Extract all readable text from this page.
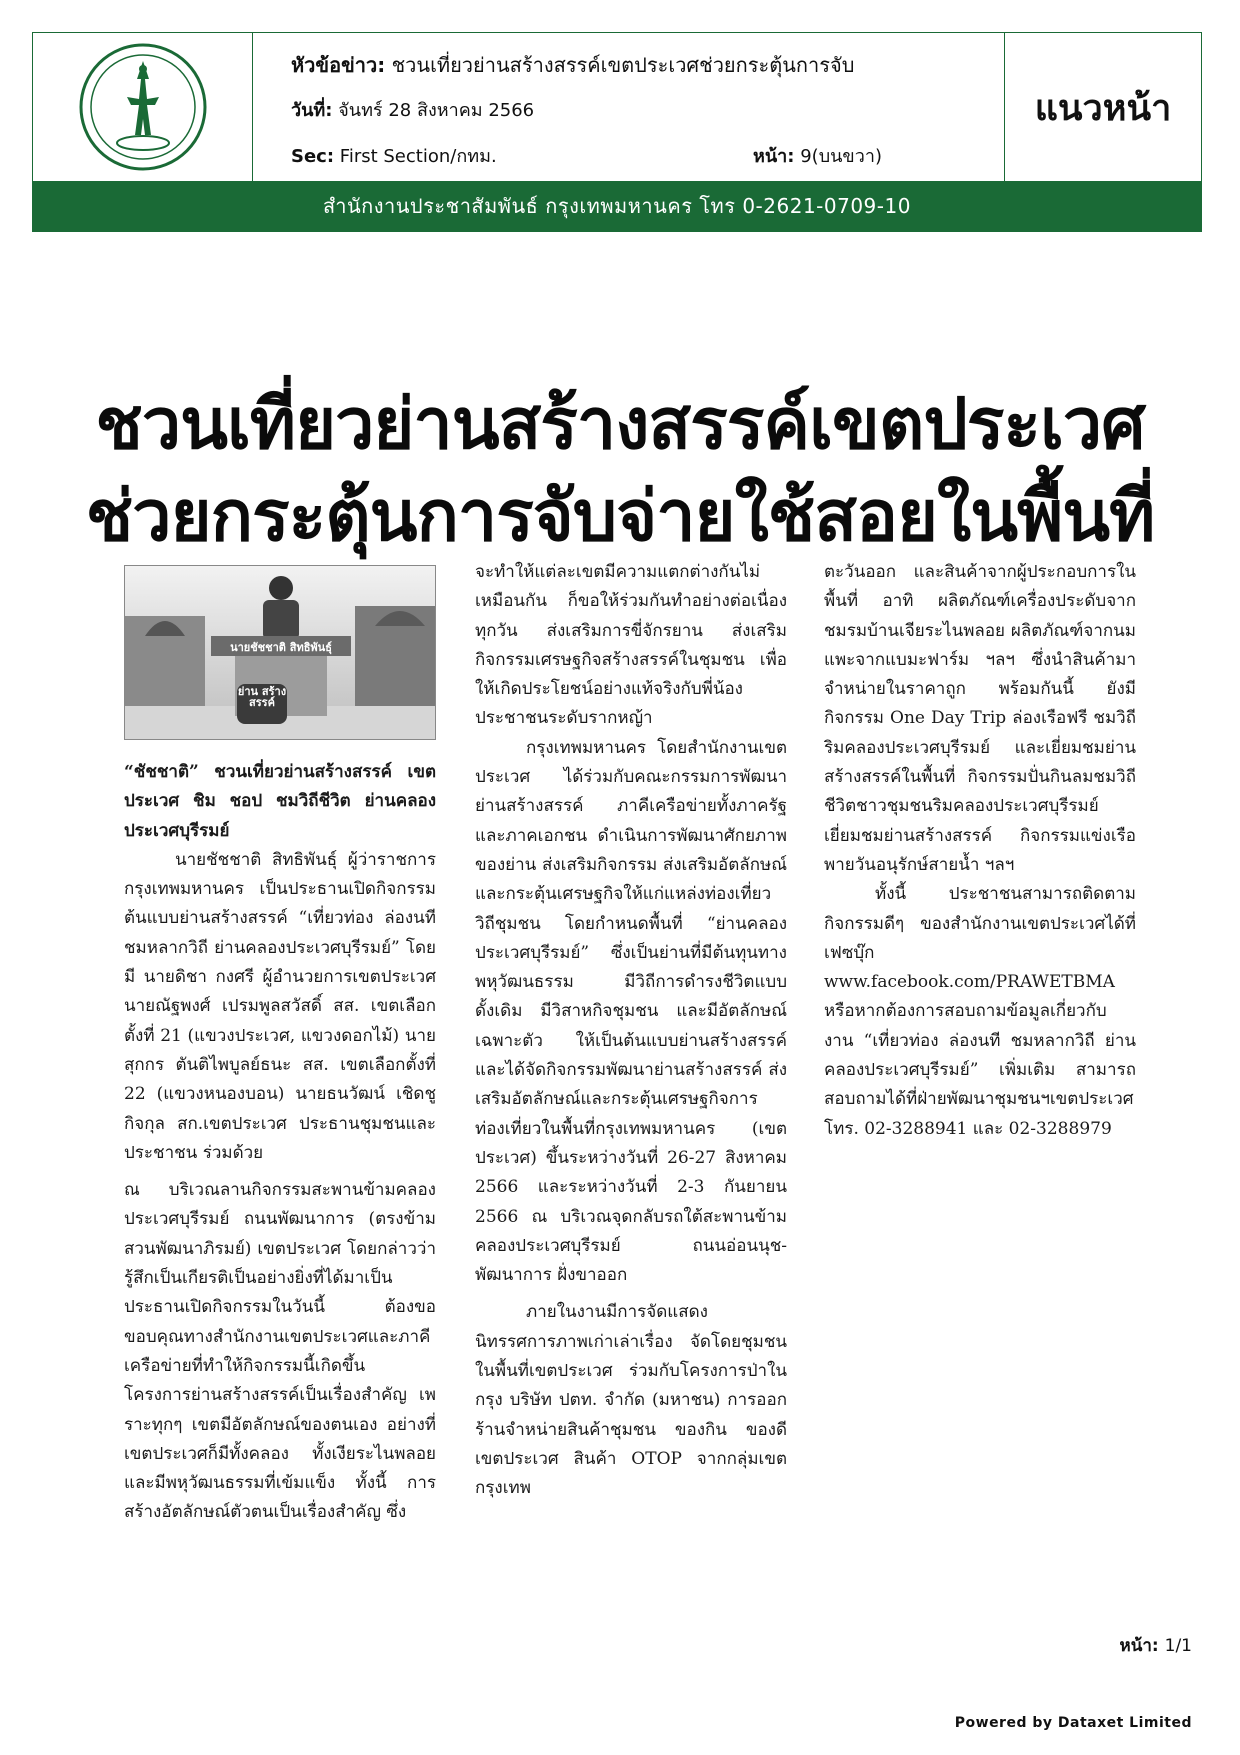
หัวข้อข่าว: ชวนเที่ยวย่านสร้างสรรค์เขตประเวศช่วยกระตุ้นการจับ
วันที่: จันทร์ 28 สิงหาคม 2566
Sec: First Section/กทม.	หน้า: 9(บนขวา)
แนวหน้า
สำนักงานประชาสัมพันธ์ กรุงเทพมหานคร โทร 0-2621-0709-10
ชวนเที่ยวย่านสร้างสรรค์เขตประเวศ
ช่วยกระตุ้นการจับจ่ายใช้สอยในพื้นที่
นายชัชชาติ สิทธิพันธุ์
ย่าน สร้าง สรรค์

“ชัชชาติ” ชวนเที่ยวย่านสร้างสรรค์ เขตประเวศ ชิม ชอป ชมวิถีชีวิต ย่านคลองประเวศบุรีรมย์

นายชัชชาติ สิทธิพันธุ์ ผู้ว่าราชการกรุงเทพมหานคร เป็นประธานเปิดกิจกรรมต้นแบบย่านสร้างสรรค์ “เที่ยวท่อง ล่องนที ชมหลากวิถี ย่านคลองประเวศบุรีรมย์” โดยมี นายดิชา กงศรี ผู้อำนวยการเขตประเวศ นายณัฐพงศ์ เปรมพูลสวัสดิ์ สส. เขตเลือกตั้งที่ 21 (แขวงประเวศ, แขวงดอกไม้) นายสุกกร ตันติไพบูลย์ธนะ สส. เขตเลือกตั้งที่ 22 (แขวงหนองบอน) นายธนวัฒน์ เชิดชูกิจกุล สก.เขตประเวศ ประธานชุมชนและประชาชน ร่วมด้วย

ณ บริเวณลานกิจกรรมสะพานข้ามคลองประเวศบุรีรมย์ ถนนพัฒนาการ (ตรงข้ามสวนพัฒนาภิรมย์) เขตประเวศ โดยกล่าวว่า รู้สึกเป็นเกียรติเป็นอย่างยิ่งที่ได้มาเป็นประธานเปิดกิจกรรมในวันนี้ ต้องขอขอบคุณทางสำนักงานเขตประเวศและภาคีเครือข่ายที่ทำให้กิจกรรมนี้เกิดขึ้น โครงการย่านสร้างสรรค์เป็นเรื่องสำคัญ เพราะทุกๆ เขตมีอัตลักษณ์ของตนเอง อย่างที่เขตประเวศก็มีทั้งคลอง ทั้งเงียระไนพลอย และมีพหุวัฒนธรรมที่เข้มแข็ง ทั้งนี้ การสร้างอัตลักษณ์ตัวตนเป็นเรื่องสำคัญ ซึ่ง

จะทำให้แต่ละเขตมีความแตกต่างกันไม่เหมือนกัน ก็ขอให้ร่วมกันทำอย่างต่อเนื่องทุกวัน ส่งเสริมการขี่จักรยาน ส่งเสริมกิจกรรมเศรษฐกิจสร้างสรรค์ในชุมชน เพื่อให้เกิดประโยชน์อย่างแท้จริงกับพี่น้องประชาชนระดับรากหญ้า

กรุงเทพมหานคร โดยสำนักงานเขตประเวศ ได้ร่วมกับคณะกรรมการพัฒนาย่านสร้างสรรค์ ภาคีเครือข่ายทั้งภาครัฐและภาคเอกชน ดำเนินการพัฒนาศักยภาพของย่าน ส่งเสริมกิจกรรม ส่งเสริมอัตลักษณ์ และกระตุ้นเศรษฐกิจให้แก่แหล่งท่องเที่ยววิถีชุมชน โดยกำหนดพื้นที่ “ย่านคลองประเวศบุรีรมย์” ซึ่งเป็นย่านที่มีต้นทุนทางพหุวัฒนธรรม มีวิถีการดำรงชีวิตแบบดั้งเดิม มีวิสาหกิจชุมชน และมีอัตลักษณ์เฉพาะตัว ให้เป็นต้นแบบย่านสร้างสรรค์ และได้จัดกิจกรรมพัฒนาย่านสร้างสรรค์ ส่งเสริมอัตลักษณ์และกระตุ้นเศรษฐกิจการท่องเที่ยวในพื้นที่กรุงเทพมหานคร (เขตประเวศ) ขึ้นระหว่างวันที่ 26-27 สิงหาคม 2566 และระหว่างวันที่ 2-3 กันยายน 2566 ณ บริเวณจุดกลับรถใต้สะพานข้ามคลองประเวศบุรีรมย์ ถนนอ่อนนุช-พัฒนาการ ฝั่งขาออก

ภายในงานมีการจัดแสดงนิทรรศการภาพเก่าเล่าเรื่อง จัดโดยชุมชนในพื้นที่เขตประเวศ ร่วมกับโครงการป่าในกรุง บริษัท ปตท. จำกัด (มหาชน) การออกร้านจำหน่ายสินค้าชุมชน ของกิน ของดี เขตประเวศ สินค้า OTOP จากกลุ่มเขตกรุงเทพ

ตะวันออก และสินค้าจากผู้ประกอบการในพื้นที่ อาทิ ผลิตภัณฑ์เครื่องประดับจากชมรมบ้านเจียระไนพลอย ผลิตภัณฑ์จากนมแพะจากแบมะฟาร์ม ฯลฯ ซึ่งนำสินค้ามาจำหน่ายในราคาถูก พร้อมกันนี้ ยังมีกิจกรรม One Day Trip ล่องเรือฟรี ชมวิถีริมคลองประเวศบุรีรมย์ และเยี่ยมชมย่านสร้างสรรค์ในพื้นที่ กิจกรรมปั่นกินลมชมวิถีชีวิตชาวชุมชนริมคลองประเวศบุรีรมย์ เยี่ยมชมย่านสร้างสรรค์ กิจกรรมแข่งเรือพายวันอนุรักษ์สายน้ำ ฯลฯ

ทั้งนี้ ประชาชนสามารถติดตามกิจกรรมดีๆ ของสำนักงานเขตประเวศได้ที่เฟซบุ๊ก www.facebook.com/PRAWETBMA หรือหากต้องการสอบถามข้อมูลเกี่ยวกับงาน “เที่ยวท่อง ล่องนที ชมหลากวิถี ย่านคลองประเวศบุรีรมย์” เพิ่มเติม สามารถสอบถามได้ที่ฝ่ายพัฒนาชุมชนฯเขตประเวศ โทร. 02-3288941 และ 02-3288979

หน้า: 1/1
Powered by Dataxet Limited
